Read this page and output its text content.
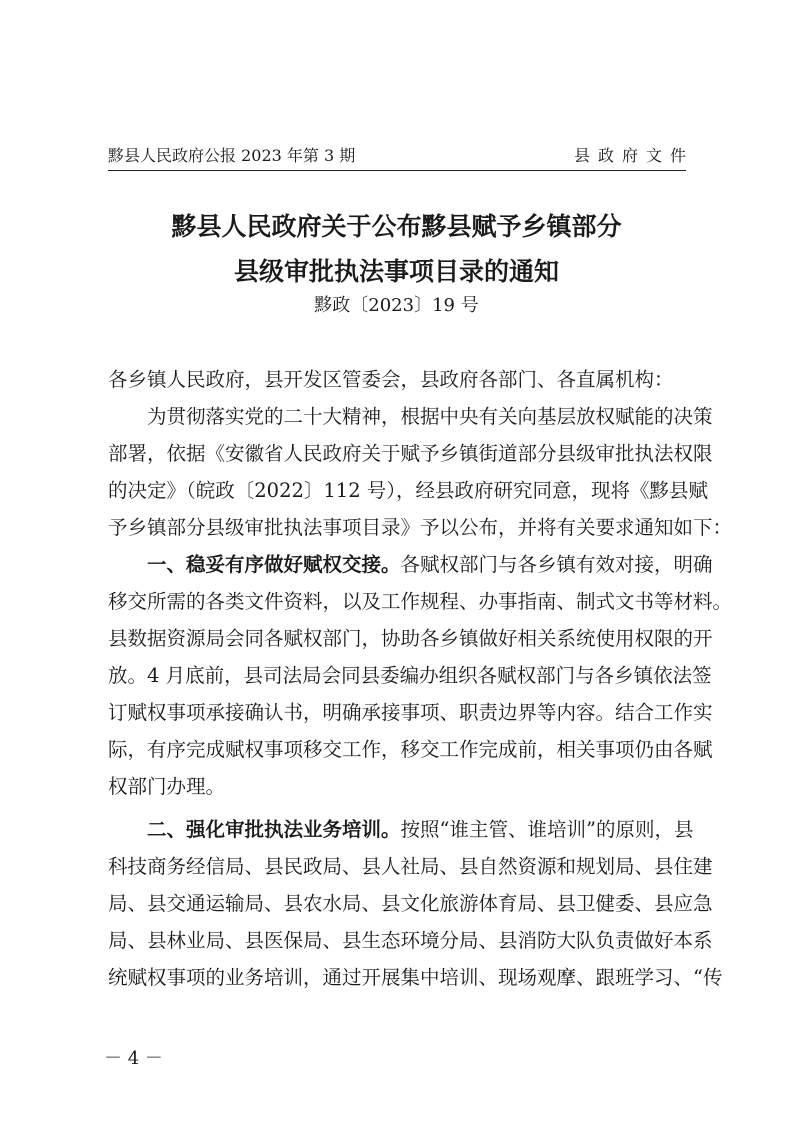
黟县人民政府公报 2023 年第 3 期	县政府文件
黟县人民政府关于公布黟县赋予乡镇部分
县级审批执法事项目录的通知
黟政〔2023〕19 号
各乡镇人民政府，县开发区管委会，县政府各部门、各直属机构：
为贯彻落实党的二十大精神，根据中央有关向基层放权赋能的决策
部署，依据《安徽省人民政府关于赋予乡镇街道部分县级审批执法权限
的决定》（皖政〔2022〕112 号），经县政府研究同意，现将《黟县赋
予乡镇部分县级审批执法事项目录》予以公布，并将有关要求通知如下：
一、稳妥有序做好赋权交接。各赋权部门与各乡镇有效对接，明确
移交所需的各类文件资料，以及工作规程、办事指南、制式文书等材料。
县数据资源局会同各赋权部门，协助各乡镇做好相关系统使用权限的开
放。4 月底前，县司法局会同县委编办组织各赋权部门与各乡镇依法签
订赋权事项承接确认书，明确承接事项、职责边界等内容。结合工作实
际，有序完成赋权事项移交工作，移交工作完成前，相关事项仍由各赋
权部门办理。
二、强化审批执法业务培训。按照“谁主管、谁培训”的原则，县
科技商务经信局、县民政局、县人社局、县自然资源和规划局、县住建
局、县交通运输局、县农水局、县文化旅游体育局、县卫健委、县应急
局、县林业局、县医保局、县生态环境分局、县消防大队负责做好本系
统赋权事项的业务培训，通过开展集中培训、现场观摩、跟班学习、“传
－ 4 －
